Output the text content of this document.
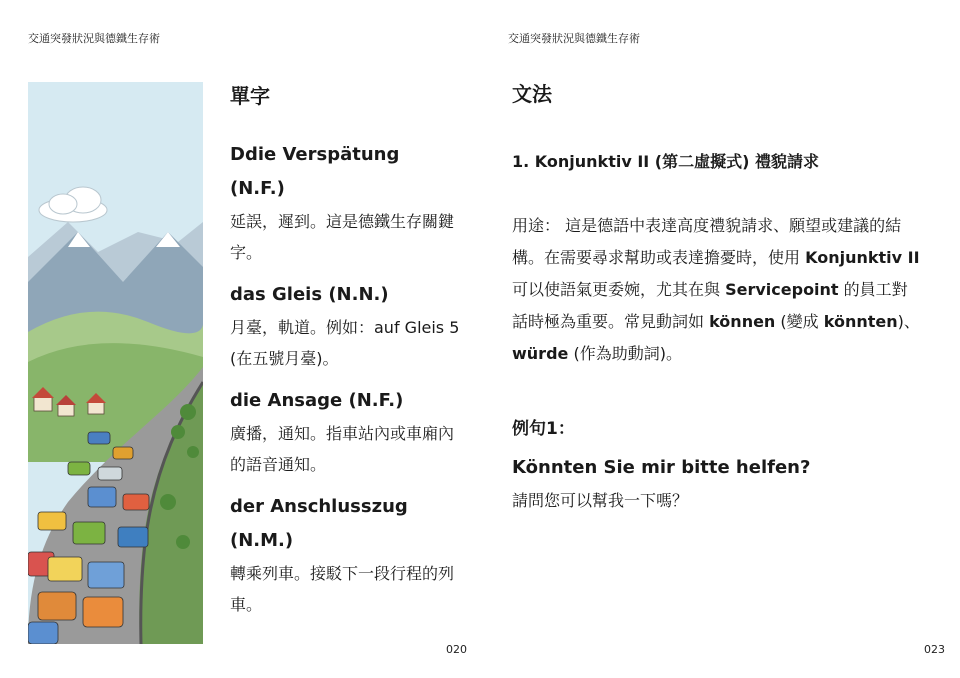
交通突發狀況與德鐵生存術
單字
Ddie Verspätung
(N.F.)
延誤，遲到。這是德鐵生存關鍵字。
das Gleis (N.N.)
月臺，軌道。例如：auf Gleis 5 (在五號月臺)。
die Ansage (N.F.)
廣播，通知。指車站內或車廂內的語音通知。
der Anschlusszug
(N.M.)
轉乘列車。接駁下一段行程的列車。
020
交通突發狀況與德鐵生存術
文法
1. Konjunktiv II (第二虛擬式) 禮貌請求
用途： 這是德語中表達高度禮貌請求、願望或建議的結構。在需要尋求幫助或表達擔憂時，使用 Konjunktiv II 可以使語氣更委婉，尤其在與 Servicepoint 的員工對話時極為重要。常見動詞如 können (變成 könnten)、würde (作為助動詞)。
例句1：
Könnten Sie mir bitte helfen?
請問您可以幫我一下嗎？
023
